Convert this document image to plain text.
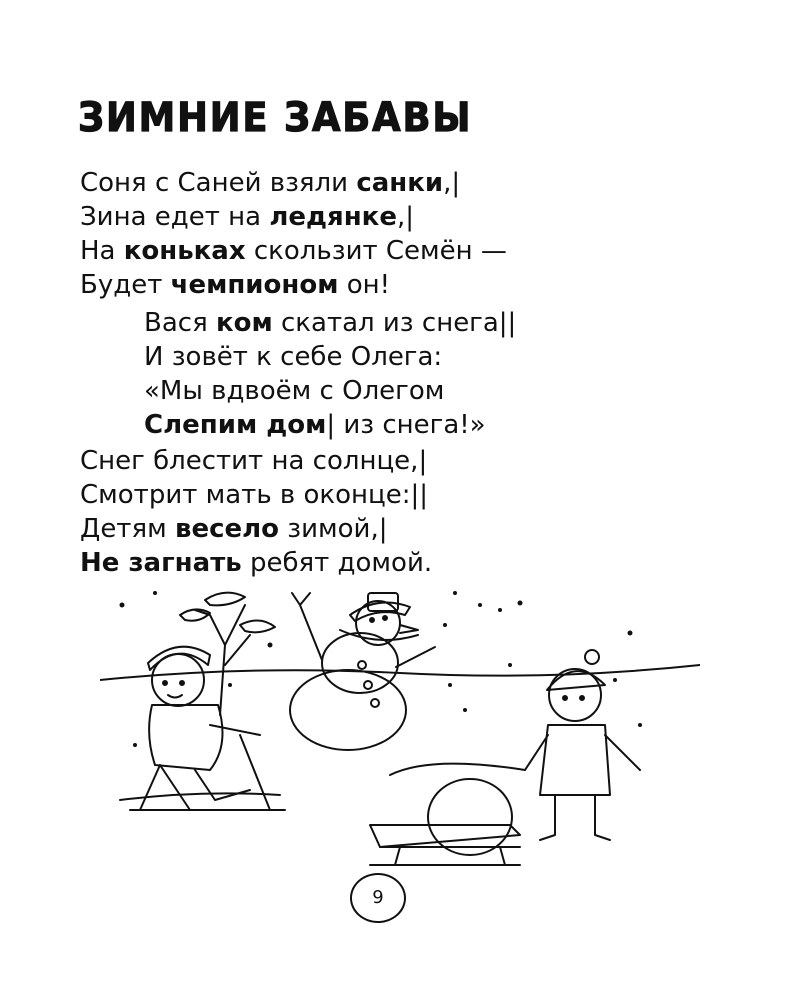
ЗИМНИЕ ЗАБАВЫ
Соня с Саней взяли санки,|
Зина едет на ледянке,|
На коньках скользит Семён —
Будет чемпионом он!
Вася ком скатал из снега||
И зовёт к себе Олега:
«Мы вдвоём с Олегом
Слепим дом| из снега!»
Снег блестит на солнце,|
Смотрит мать в оконце:||
Детям весело зимой,|
Не загнать ребят домой.
9
